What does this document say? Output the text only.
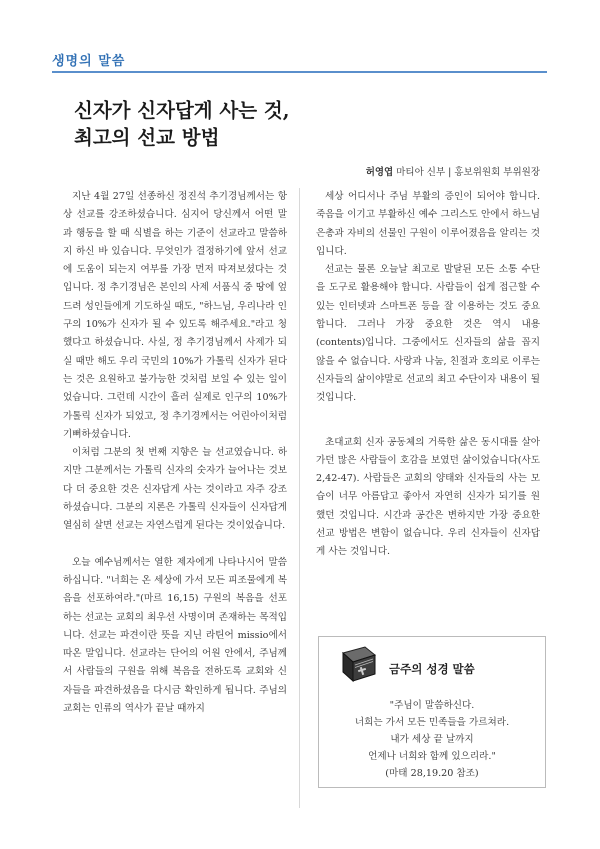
생명의 말씀
신자가 신자답게 사는 것,
최고의 선교 방법
허영엽 마티아 신부 | 홍보위원회 부위원장

지난 4월 27일 선종하신 정진석 추기경님께서는 항상 선교를 강조하셨습니다. 심지어 당신께서 어떤 말과 행동을 할 때 식별을 하는 기준이 선교라고 말씀하지 하신 바 있습니다. 무엇인가 결정하기에 앞서 선교에 도움이 되는지 여부를 가장 먼저 따져보셨다는 것입니다. 정 추기경님은 본인의 사제 서품식 중 땅에 엎드려 성인들에게 기도하실 때도, "하느님, 우리나라 인구의 10%가 신자가 될 수 있도록 해주세요."라고 청했다고 하셨습니다. 사실, 정 추기경님께서 사제가 되실 때만 해도 우리 국민의 10%가 가톨릭 신자가 된다는 것은 요원하고 불가능한 것처럼 보일 수 있는 일이었습니다. 그런데 시간이 흘러 실제로 인구의 10%가 가톨릭 신자가 되었고, 정 추기경께서는 어린아이처럼 기뻐하셨습니다.

이처럼 그분의 첫 번째 지향은 늘 선교였습니다. 하지만 그분께서는 가톨릭 신자의 숫자가 늘어나는 것보다 더 중요한 것은 신자답게 사는 것이라고 자주 강조하셨습니다. 그분의 지론은 가톨릭 신자들이 신자답게 열심히 살면 선교는 자연스럽게 된다는 것이었습니다.

오늘 예수님께서는 열한 제자에게 나타나시어 말씀하십니다. "너희는 온 세상에 가서 모든 피조물에게 복음을 선포하여라."(마르 16,15) 구원의 복음을 선포하는 선교는 교회의 최우선 사명이며 존재하는 목적입니다. 선교는 파견이란 뜻을 지닌 라틴어 missio에서 따온 말입니다. 선교라는 단어의 어원 안에서, 주님께서 사람들의 구원을 위해 복음을 전하도록 교회와 신자들을 파견하셨음을 다시금 확인하게 됩니다. 주님의 교회는 인류의 역사가 끝날 때까지

세상 어디서나 주님 부활의 증인이 되어야 합니다. 죽음을 이기고 부활하신 예수 그리스도 안에서 하느님 은총과 자비의 선물인 구원이 이루어졌음을 알리는 것입니다.

선교는 물론 오늘날 최고로 발달된 모든 소통 수단을 도구로 활용해야 합니다. 사람들이 쉽게 접근할 수 있는 인터넷과 스마트폰 등을 잘 이용하는 것도 중요합니다. 그러나 가장 중요한 것은 역시 내용(contents)입니다. 그중에서도 신자들의 삶을 꼽지 않을 수 없습니다. 사랑과 나눔, 친절과 호의로 이루는 신자들의 삶이야말로 선교의 최고 수단이자 내용이 될 것입니다.

초대교회 신자 공동체의 거룩한 삶은 동시대를 살아가던 많은 사람들이 호감을 보였던 삶이었습니다(사도 2,42-47). 사람들은 교회의 양태와 신자들의 사는 모습이 너무 아름답고 좋아서 자연히 신자가 되기를 원했던 것입니다. 시간과 공간은 변하지만 가장 중요한 선교 방법은 변함이 없습니다. 우리 신자들이 신자답게 사는 것입니다.

금주의 성경 말씀
"주님이 말씀하신다.
너희는 가서 모든 민족들을 가르쳐라.
내가 세상 끝 날까지
언제나 너희와 함께 있으리라."
(마태 28,19.20 참조)
